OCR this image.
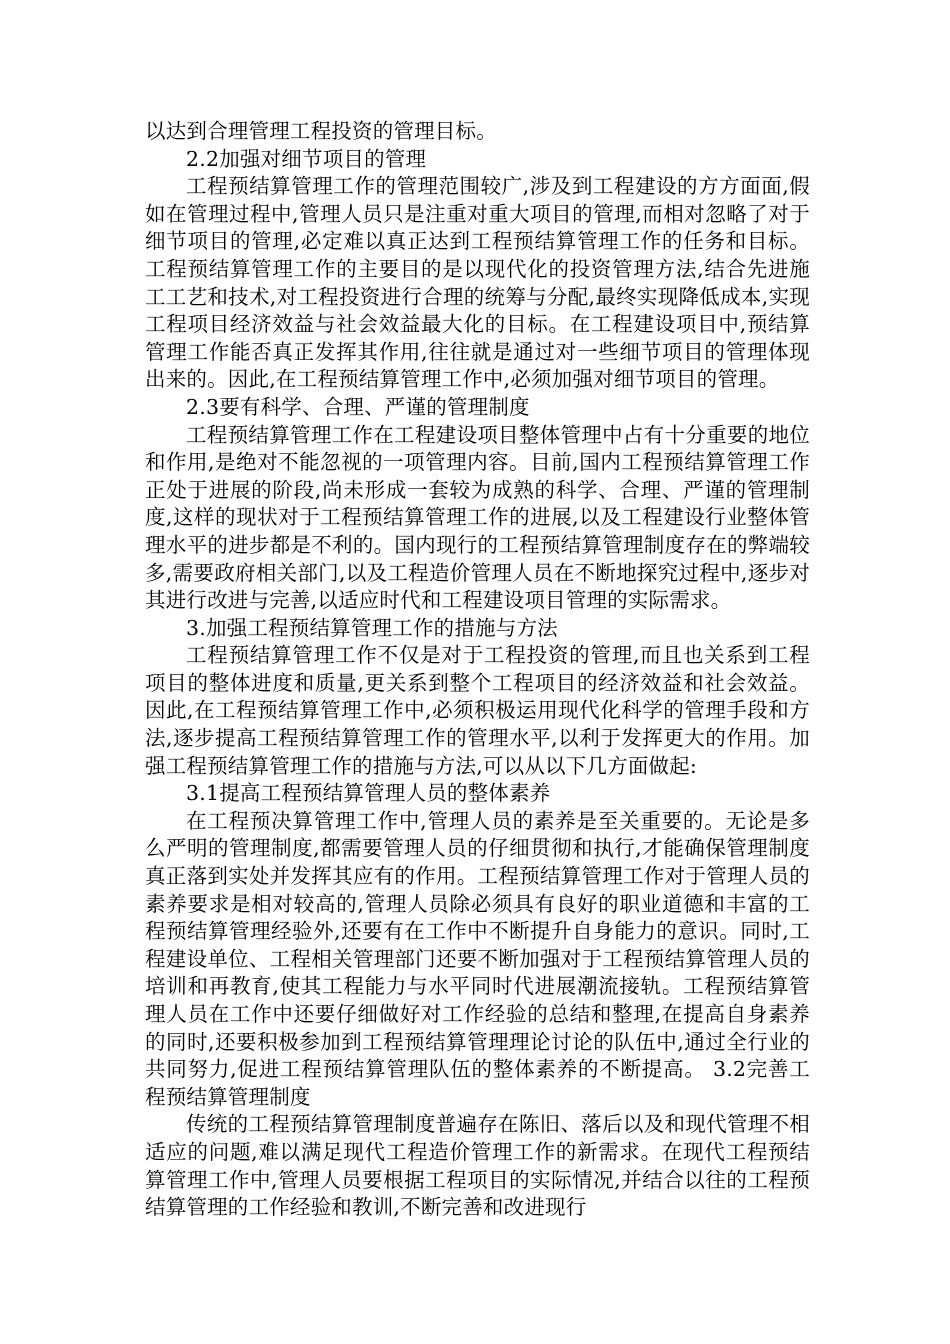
以达到合理管理工程投资的管理目标。

2.2加强对细节项目的管理

工程预结算管理工作的管理范围较广,涉及到工程建设的方方面面,假如在管理过程中,管理人员只是注重对重大项目的管理,而相对忽略了对于细节项目的管理,必定难以真正达到工程预结算管理工作的任务和目标。工程预结算管理工作的主要目的是以现代化的投资管理方法,结合先进施工工艺和技术,对工程投资进行合理的统筹与分配,最终实现降低成本,实现工程项目经济效益与社会效益最大化的目标。在工程建设项目中,预结算管理工作能否真正发挥其作用,往往就是通过对一些细节项目的管理体现出来的。因此,在工程预结算管理工作中,必须加强对细节项目的管理。

2.3要有科学、合理、严谨的管理制度

工程预结算管理工作在工程建设项目整体管理中占有十分重要的地位和作用,是绝对不能忽视的一项管理内容。目前,国内工程预结算管理工作正处于进展的阶段,尚未形成一套较为成熟的科学、合理、严谨的管理制度,这样的现状对于工程预结算管理工作的进展,以及工程建设行业整体管理水平的进步都是不利的。国内现行的工程预结算管理制度存在的弊端较多,需要政府相关部门,以及工程造价管理人员在不断地探究过程中,逐步对其进行改进与完善,以适应时代和工程建设项目管理的实际需求。

3.加强工程预结算管理工作的措施与方法

工程预结算管理工作不仅是对于工程投资的管理,而且也关系到工程项目的整体进度和质量,更关系到整个工程项目的经济效益和社会效益。因此,在工程预结算管理工作中,必须积极运用现代化科学的管理手段和方法,逐步提高工程预结算管理工作的管理水平,以利于发挥更大的作用。加强工程预结算管理工作的措施与方法,可以从以下几方面做起:

3.1提高工程预结算管理人员的整体素养

在工程预决算管理工作中,管理人员的素养是至关重要的。无论是多么严明的管理制度,都需要管理人员的仔细贯彻和执行,才能确保管理制度真正落到实处并发挥其应有的作用。工程预结算管理工作对于管理人员的素养要求是相对较高的,管理人员除必须具有良好的职业道德和丰富的工程预结算管理经验外,还要有在工作中不断提升自身能力的意识。同时,工程建设单位、工程相关管理部门还要不断加强对于工程预结算管理人员的培训和再教育,使其工程能力与水平同时代进展潮流接轨。工程预结算管理人员在工作中还要仔细做好对工作经验的总结和整理,在提高自身素养的同时,还要积极参加到工程预结算管理理论讨论的队伍中,通过全行业的共同努力,促进工程预结算管理队伍的整体素养的不断提高。 3.2完善工程预结算管理制度

传统的工程预结算管理制度普遍存在陈旧、落后以及和现代管理不相适应的问题,难以满足现代工程造价管理工作的新需求。在现代工程预结算管理工作中,管理人员要根据工程项目的实际情况,并结合以往的工程预结算管理的工作经验和教训,不断完善和改进现行
